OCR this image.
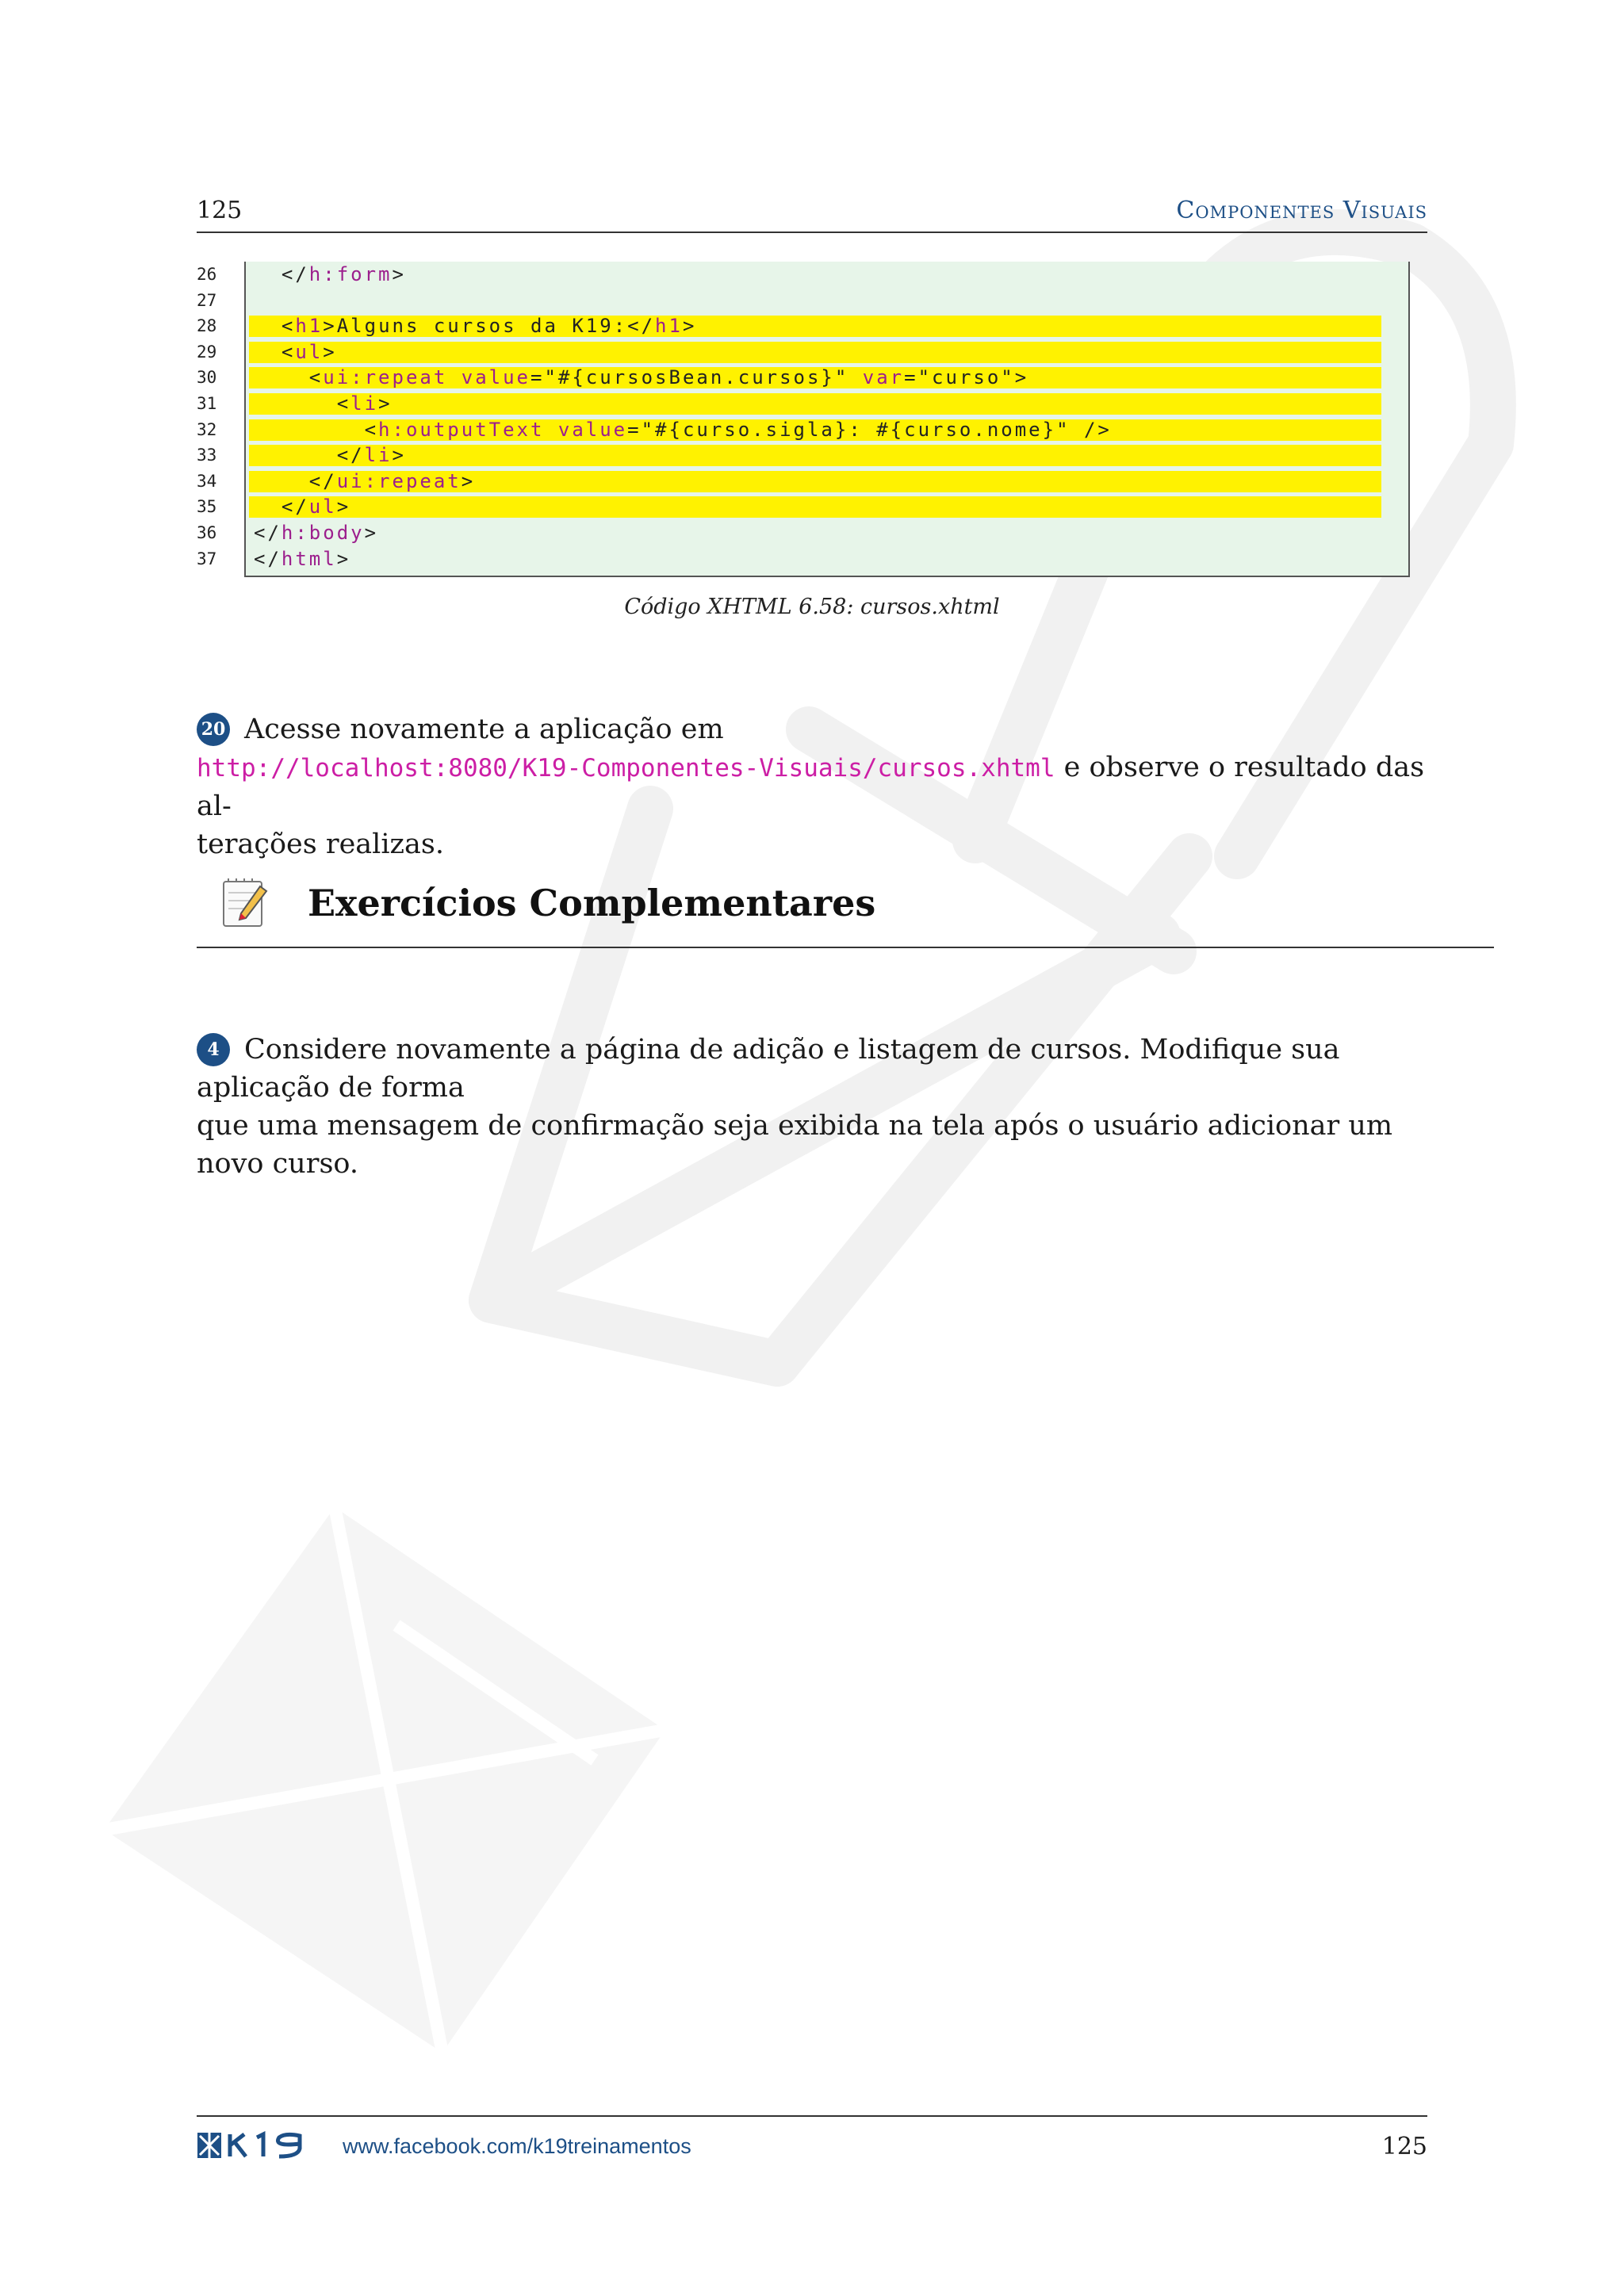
125	Componentes Visuais
26	</h:form>
27
28	<h1>Alguns cursos da K19:</h1>
29	<ul>
30	<ui:repeat value="#{cursosBean.cursos}" var="curso">
31	<li>
32	<h:outputText value="#{curso.sigla}: #{curso.nome}" />
33	</li>
34	</ui:repeat>
35	</ul>
36	</h:body>
37	</html>
Código XHTML 6.58: cursos.xhtml
20 Acesse novamente a aplicação em
http://localhost:8080/K19-Componentes-Visuais/cursos.xhtml e observe o resultado das al-
terações realizas.
Exercícios Complementares
4 Considere novamente a página de adição e listagem de cursos. Modifique sua aplicação de forma
que uma mensagem de confirmação seja exibida na tela após o usuário adicionar um novo curso.
www.facebook.com/k19treinamentos	125
